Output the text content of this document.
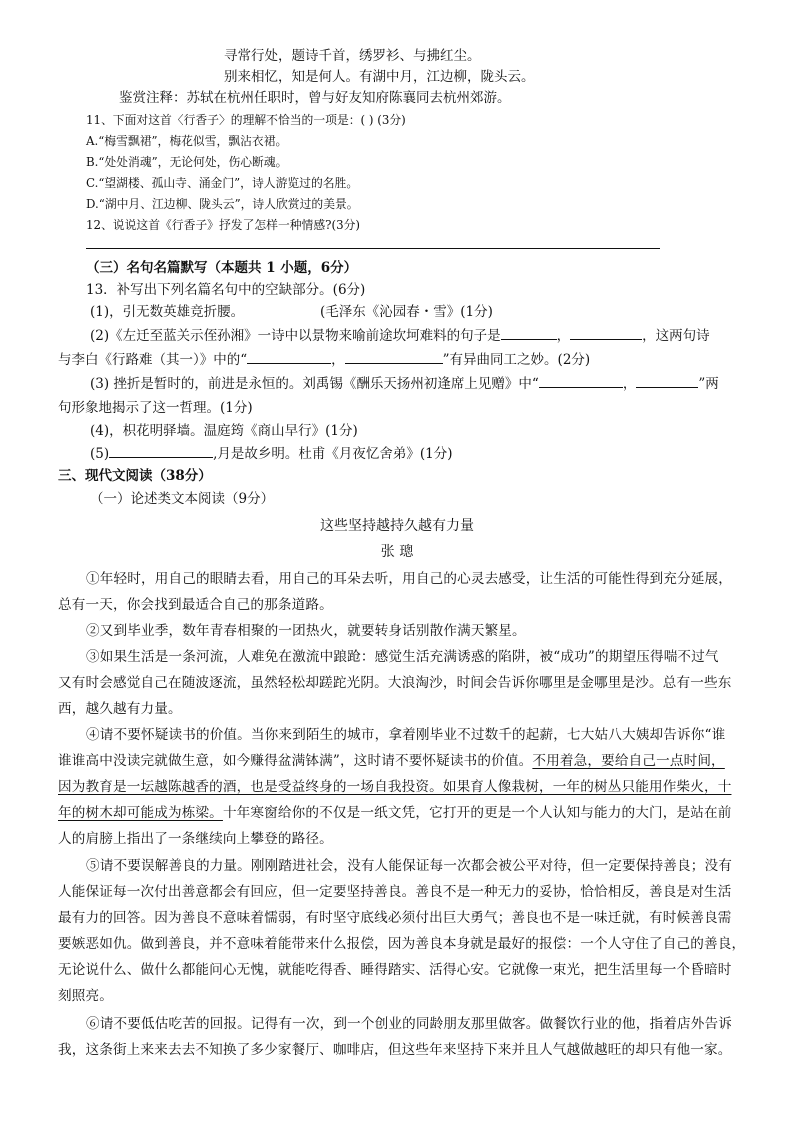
寻常行处，题诗千首，绣罗衫、与拂红尘。
别来相忆，知是何人。有湖中月，江边柳，陇头云。
鉴赏注释：苏轼在杭州任职时，曾与好友知府陈襄同去杭州郊游。
11、下面对这首〈行香子〉的理解不恰当的一项是：( ) (3分)
A.“梅雪飘裙”，梅花似雪，飘沾衣裙。
B.“处处消魂”，无论何处，伤心断魂。
C.“望湖楼、孤山寺、涌金门”，诗人游览过的名胜。
D.“湖中月、江边柳、陇头云”，诗人欣赏过的美景。
12、说说这首《行香子》抒发了怎样一种情感?(3分)
（三）名句名篇默写（本题共 1 小题，6分）
13．补写出下列名篇名句中的空缺部分。(6分)
(1)，引无数英雄竞折腰。	(毛泽东《沁园春・雪》(1分)
(2)《左迁至蓝关示侄孙湘》一诗中以景物来喻前途坎坷难料的句子是	，	，这两句诗
与李白《行路难（其一）》中的“	，	”有异曲同工之妙。(2分)
(3) 挫折是暂时的，前进是永恒的。刘禹锡《酬乐天扬州初逢席上见赠》中“	，	”两
句形象地揭示了这一哲理。(1分)
(4)，枳花明驿墙。温庭筠《商山早行》(1分)
(5)	,月是故乡明。杜甫《月夜忆舍弟》(1分)
三、现代文阅读（38分）
（一）论述类文本阅读（9分）
这些坚持越持久越有力量
张 璁
①年轻时，用自己的眼睛去看，用自己的耳朵去听，用自己的心灵去感受，让生活的可能性得到充分延展，
总有一天，你会找到最适合自己的那条道路。
②又到毕业季，数年青春相聚的一团热火，就要转身话别散作满天繁星。
③如果生活是一条河流，人难免在激流中踉跄：感觉生活充满诱惑的陷阱，被“成功”的期望压得喘不过气
又有时会感觉自己在随波逐流，虽然轻松却蹉跎光阴。大浪淘沙，时间会告诉你哪里是金哪里是沙。总有一些东
西，越久越有力量。
④请不要怀疑读书的价值。当你来到陌生的城市，拿着刚毕业不过数千的起薪，七大姑八大姨却告诉你“谁
谁谁高中没读完就做生意，如今赚得盆满钵满”，这时请不要怀疑读书的价值。不用着急，要给自己一点时间，
因为教育是一坛越陈越香的酒，也是受益终身的一场自我投资。如果育人像栽树，一年的树丛只能用作柴火，十
年的树木却可能成为栋梁。十年寒窗给你的不仅是一纸文凭，它打开的更是一个人认知与能力的大门，是站在前
人的肩膀上指出了一条继续向上攀登的路径。
⑤请不要误解善良的力量。刚刚踏进社会，没有人能保证每一次都会被公平对待，但一定要保持善良；没有
人能保证每一次付出善意都会有回应，但一定要坚持善良。善良不是一种无力的妥协，恰恰相反，善良是对生活
最有力的回答。因为善良不意味着懦弱，有时坚守底线必须付出巨大勇气；善良也不是一味迁就，有时候善良需
要嫉恶如仇。做到善良，并不意味着能带来什么报偿，因为善良本身就是最好的报偿：一个人守住了自己的善良，
无论说什么、做什么都能问心无愧，就能吃得香、睡得踏实、活得心安。它就像一束光，把生活里每一个昏暗时
刻照亮。
⑥请不要低估吃苦的回报。记得有一次，到一个创业的同龄朋友那里做客。做餐饮行业的他，指着店外告诉
我，这条街上来来去去不知换了多少家餐厅、咖啡店，但这些年来坚持下来并且人气越做越旺的却只有他一家。
